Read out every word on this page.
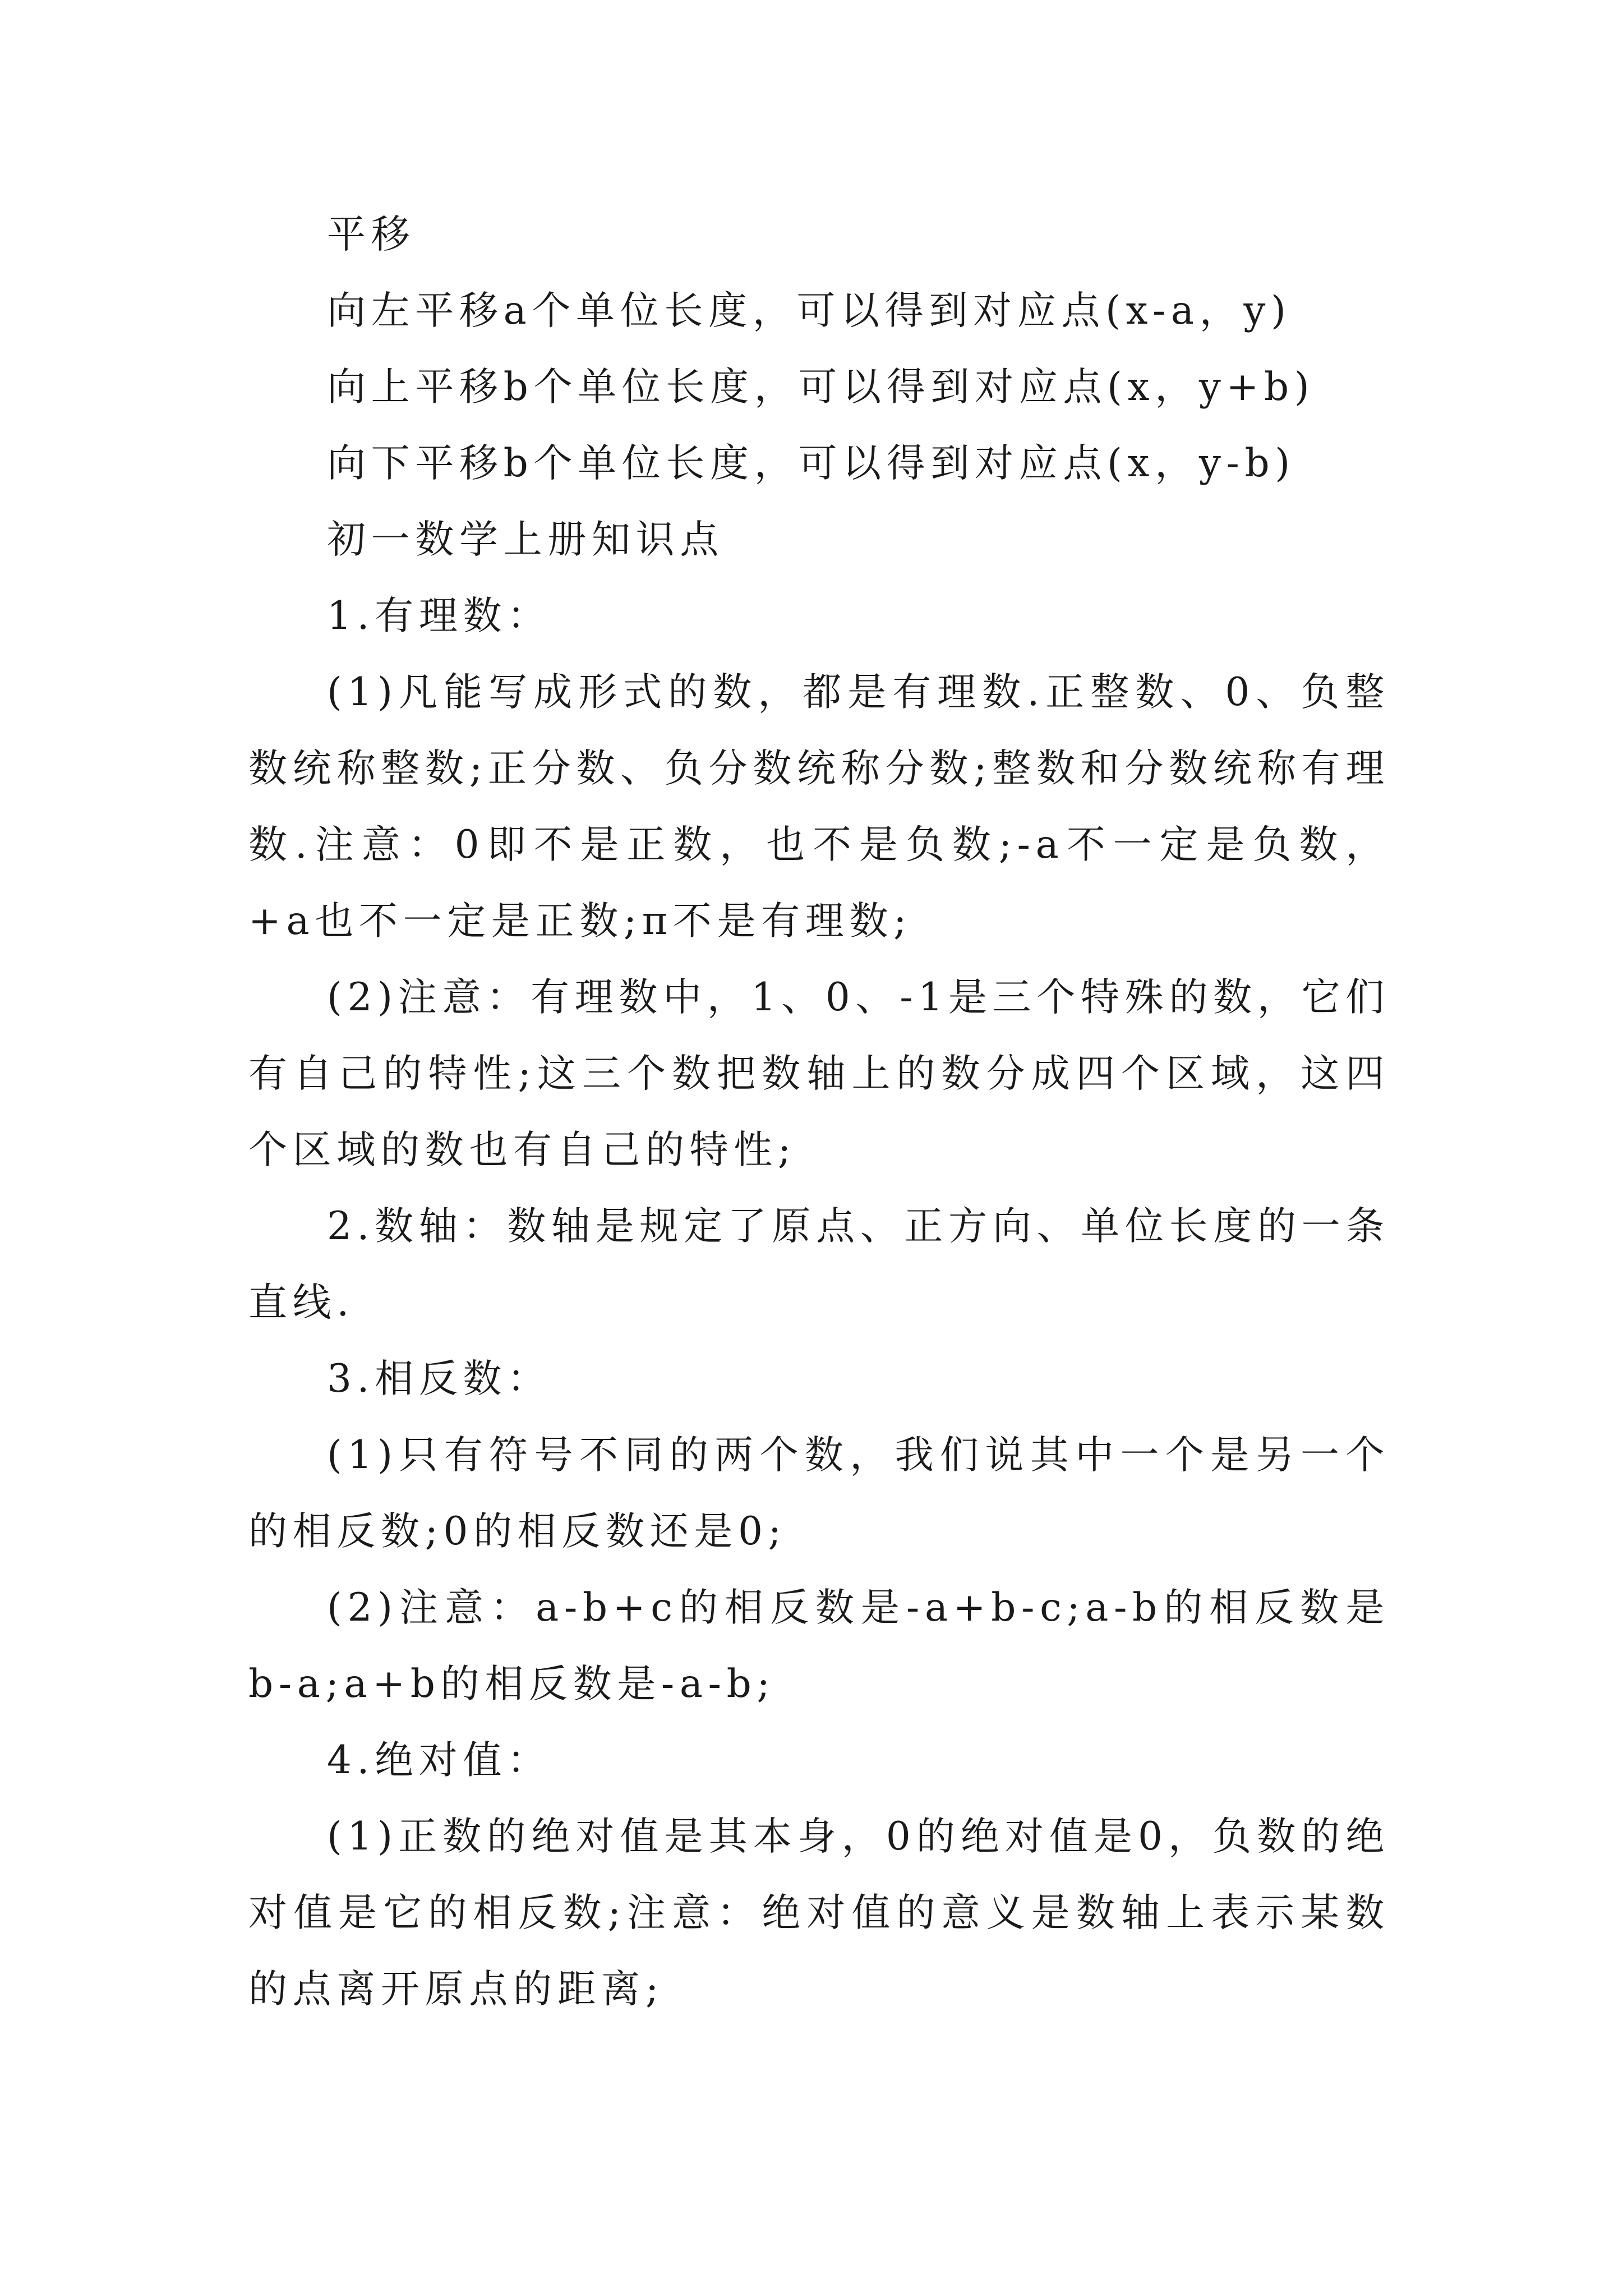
平移

向左平移a个单位长度，可以得到对应点(x-a，y)

向上平移b个单位长度，可以得到对应点(x，y+b)

向下平移b个单位长度，可以得到对应点(x，y-b)

初一数学上册知识点

1.有理数：

(1)凡能写成形式的数，都是有理数.正整数、0、负整数统称整数;正分数、负分数统称分数;整数和分数统称有理数.注意：0即不是正数，也不是负数;-a不一定是负数，+a也不一定是正数;π不是有理数;

(2)注意：有理数中，1、0、-1是三个特殊的数，它们有自己的特性;这三个数把数轴上的数分成四个区域，这四个区域的数也有自己的特性;

2.数轴：数轴是规定了原点、正方向、单位长度的一条直线.

3.相反数：

(1)只有符号不同的两个数，我们说其中一个是另一个的相反数;0的相反数还是0;

(2)注意：a-b+c的相反数是-a+b-c;a-b的相反数是b-a;a+b的相反数是-a-b;

4.绝对值：

(1)正数的绝对值是其本身，0的绝对值是0，负数的绝对值是它的相反数;注意：绝对值的意义是数轴上表示某数的点离开原点的距离;
